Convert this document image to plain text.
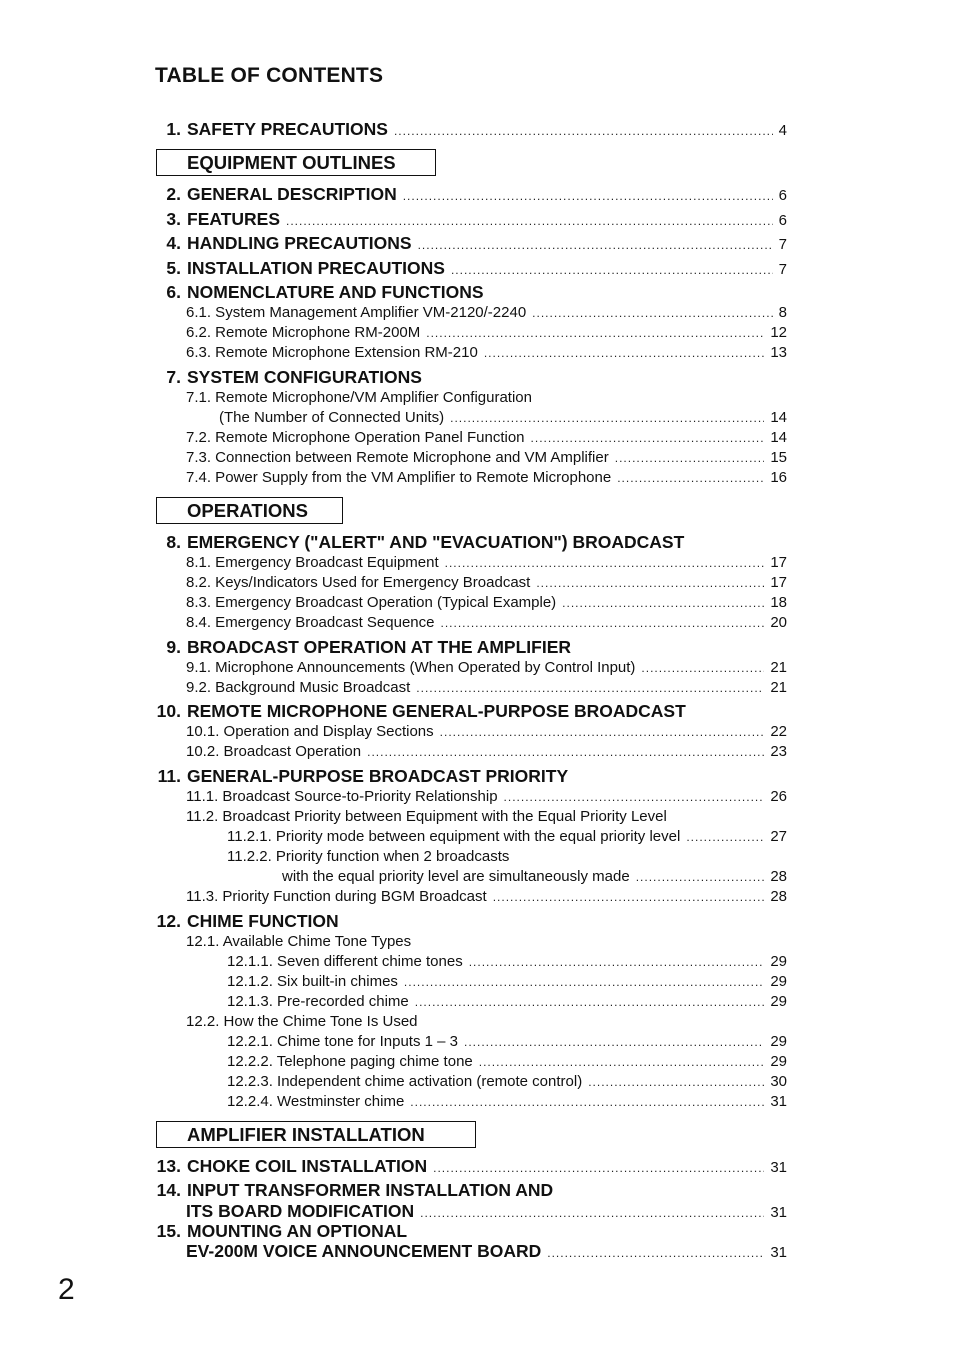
TABLE OF CONTENTS
1. SAFETY PRECAUTIONS .....	4
EQUIPMENT OUTLINES
2. GENERAL DESCRIPTION .....	6
3. FEATURES .....	6
4. HANDLING PRECAUTIONS .....	7
5. INSTALLATION PRECAUTIONS .....	7
6. NOMENCLATURE AND FUNCTIONS
6.1. System Management Amplifier VM-2120/-2240 .....	8
6.2. Remote Microphone RM-200M .....	12
6.3. Remote Microphone Extension RM-210 .....	13
7. SYSTEM CONFIGURATIONS
7.1. Remote Microphone/VM Amplifier Configuration
(The Number of Connected Units) .....	14
7.2. Remote Microphone Operation Panel Function .....	14
7.3. Connection between Remote Microphone and VM Amplifier .....	15
7.4. Power Supply from the VM Amplifier to Remote Microphone .....	16
OPERATIONS
8. EMERGENCY ("ALERT" AND "EVACUATION") BROADCAST
8.1. Emergency Broadcast Equipment .....	17
8.2. Keys/Indicators Used for Emergency Broadcast .....	17
8.3. Emergency Broadcast Operation (Typical Example) .....	18
8.4. Emergency Broadcast Sequence .....	20
9. BROADCAST OPERATION AT THE AMPLIFIER
9.1. Microphone Announcements (When Operated by Control Input) .....	21
9.2. Background Music Broadcast .....	21
10. REMOTE MICROPHONE GENERAL-PURPOSE BROADCAST
10.1. Operation and Display Sections .....	22
10.2. Broadcast Operation .....	23
11. GENERAL-PURPOSE BROADCAST PRIORITY
11.1. Broadcast Source-to-Priority Relationship .....	26
11.2. Broadcast Priority between Equipment with the Equal Priority Level
11.2.1. Priority mode between equipment with the equal priority level .....	27
11.2.2. Priority function when 2 broadcasts
with the equal priority level are simultaneously made .....	28
11.3. Priority Function during BGM Broadcast .....	28
12. CHIME FUNCTION
12.1. Available Chime Tone Types
12.1.1. Seven different chime tones .....	29
12.1.2. Six built-in chimes .....	29
12.1.3. Pre-recorded chime .....	29
12.2. How the Chime Tone Is Used
12.2.1. Chime tone for Inputs 1 – 3 .....	29
12.2.2. Telephone paging chime tone .....	29
12.2.3. Independent chime activation (remote control) .....	30
12.2.4. Westminster chime .....	31
AMPLIFIER INSTALLATION
13. CHOKE COIL INSTALLATION .....	31
14. INPUT TRANSFORMER INSTALLATION AND
ITS BOARD MODIFICATION .....	31
15. MOUNTING AN OPTIONAL
EV-200M VOICE ANNOUNCEMENT BOARD .....	31
2
